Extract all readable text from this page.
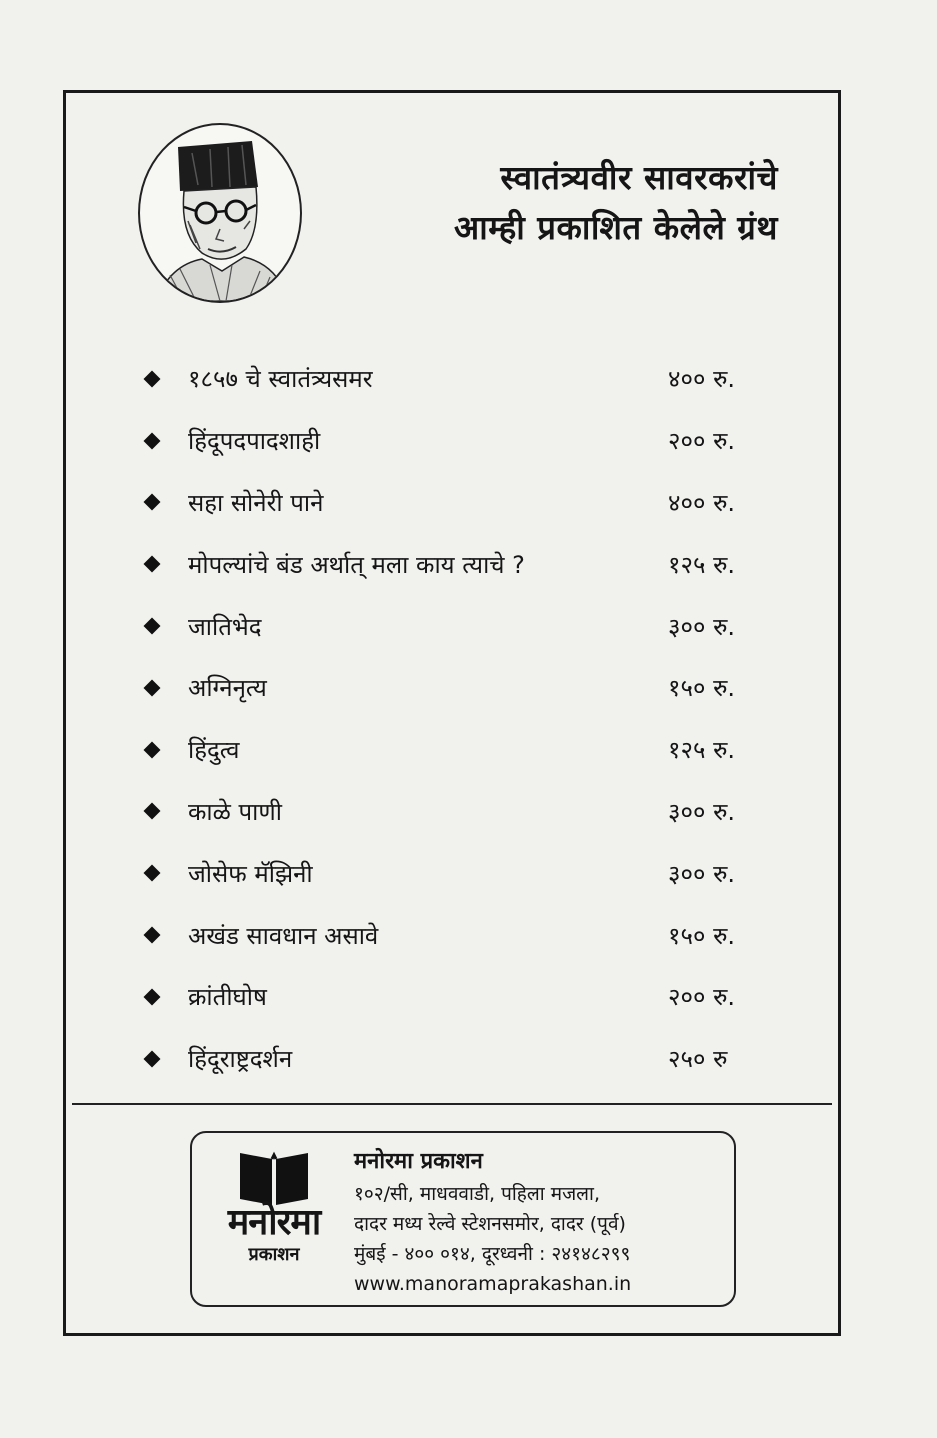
स्वातंत्र्यवीर सावरकरांचे
आम्ही प्रकाशित केलेले ग्रंथ
१८५७ चे स्वातंत्र्यसमर	४०० रु.
हिंदूपदपादशाही	२०० रु.
सहा सोनेरी पाने	४०० रु.
मोपल्यांचे बंड अर्थात् मला काय त्याचे ?	१२५ रु.
जातिभेद	३०० रु.
अग्निनृत्य	१५० रु.
हिंदुत्व	१२५ रु.
काळे पाणी	३०० रु.
जोसेफ मॅझिनी	३०० रु.
अखंड सावधान असावे	१५० रु.
क्रांतीघोष	२०० रु.
हिंदूराष्ट्रदर्शन	२५० रु
मनोरमा
प्रकाशन
मनोरमा प्रकाशन
१०२/सी, माधववाडी, पहिला मजला,
दादर मध्य रेल्वे स्टेशनसमोर, दादर (पूर्व)
मुंबई - ४०० ०१४, दूरध्वनी : २४१४८२९९
www.manoramaprakashan.in
